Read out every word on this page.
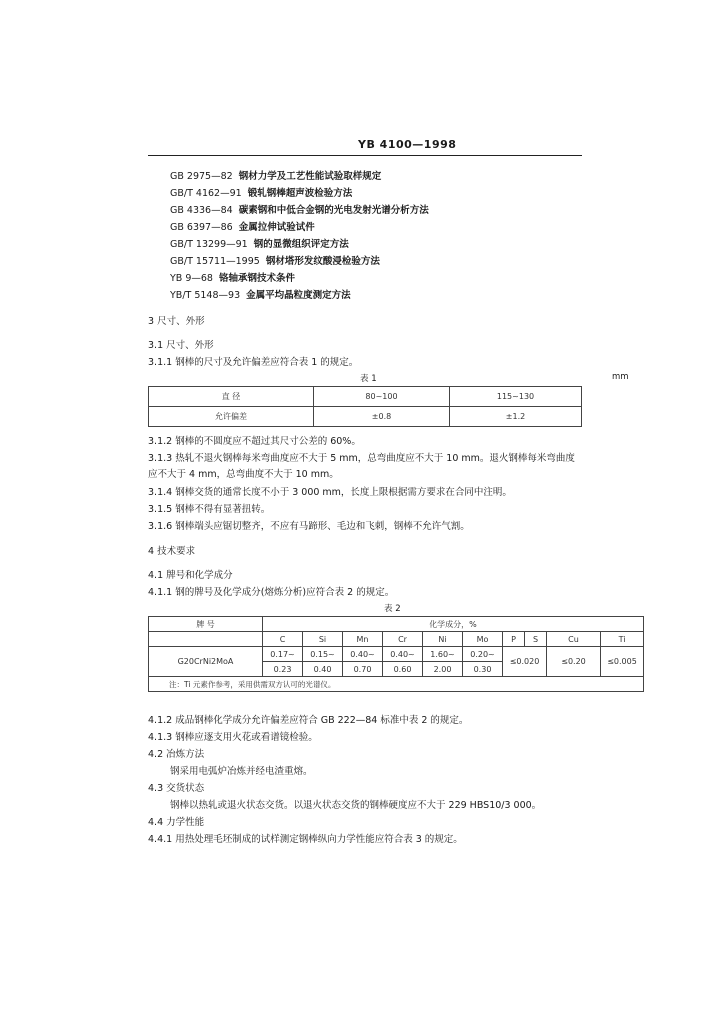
YB 4100—1998
GB 2975—82 钢材力学及工艺性能试验取样规定
GB/T 4162—91 锻轧钢棒超声波检验方法
GB 4336—84 碳素钢和中低合金钢的光电发射光谱分析方法
GB 6397—86 金属拉伸试验试件
GB/T 13299—91 钢的显微组织评定方法
GB/T 15711—1995 钢材塔形发纹酸浸检验方法
YB 9—68 铬轴承钢技术条件
YB/T 5148—93 金属平均晶粒度测定方法
3 尺寸、外形
3.1 尺寸、外形
3.1.1 钢棒的尺寸及允许偏差应符合表 1 的规定。
表 1	mm
直 径	80~100	115~130
允许偏差	±0.8	±1.2
3.1.2 钢棒的不圆度应不超过其尺寸公差的 60%。
3.1.3 热轧不退火钢棒每米弯曲度应不大于 5 mm，总弯曲度应不大于 10 mm。退火钢棒每米弯曲度
应不大于 4 mm，总弯曲度不大于 10 mm。
3.1.4 钢棒交货的通常长度不小于 3 000 mm，长度上限根据需方要求在合同中注明。
3.1.5 钢棒不得有显著扭转。
3.1.6 钢棒端头应锯切整齐，不应有马蹄形、毛边和飞刺，钢棒不允许气割。
4 技术要求
4.1 牌号和化学成分
4.1.1 钢的牌号及化学成分(熔炼分析)应符合表 2 的规定。
表 2
牌 号	化学成分，%									
	C	Si	Mn	Cr	Ni	Mo	P	S	Cu	Ti
G20CrNi2MoA	0.17~	0.15~	0.40~	0.40~	1.60~	0.20~	≤0.020		≤0.20	≤0.005
	0.23	0.40	0.70	0.60	2.00	0.30				
注：Ti 元素作参考，采用供需双方认可的光谱仪。										
4.1.2 成品钢棒化学成分允许偏差应符合 GB 222—84 标准中表 2 的规定。
4.1.3 钢棒应逐支用火花或看谱镜检验。
4.2 冶炼方法
钢采用电弧炉冶炼并经电渣重熔。
4.3 交货状态
钢棒以热轧或退火状态交货。以退火状态交货的钢棒硬度应不大于 229 HBS10/3 000。
4.4 力学性能
4.4.1 用热处理毛坯制成的试样测定钢棒纵向力学性能应符合表 3 的规定。
